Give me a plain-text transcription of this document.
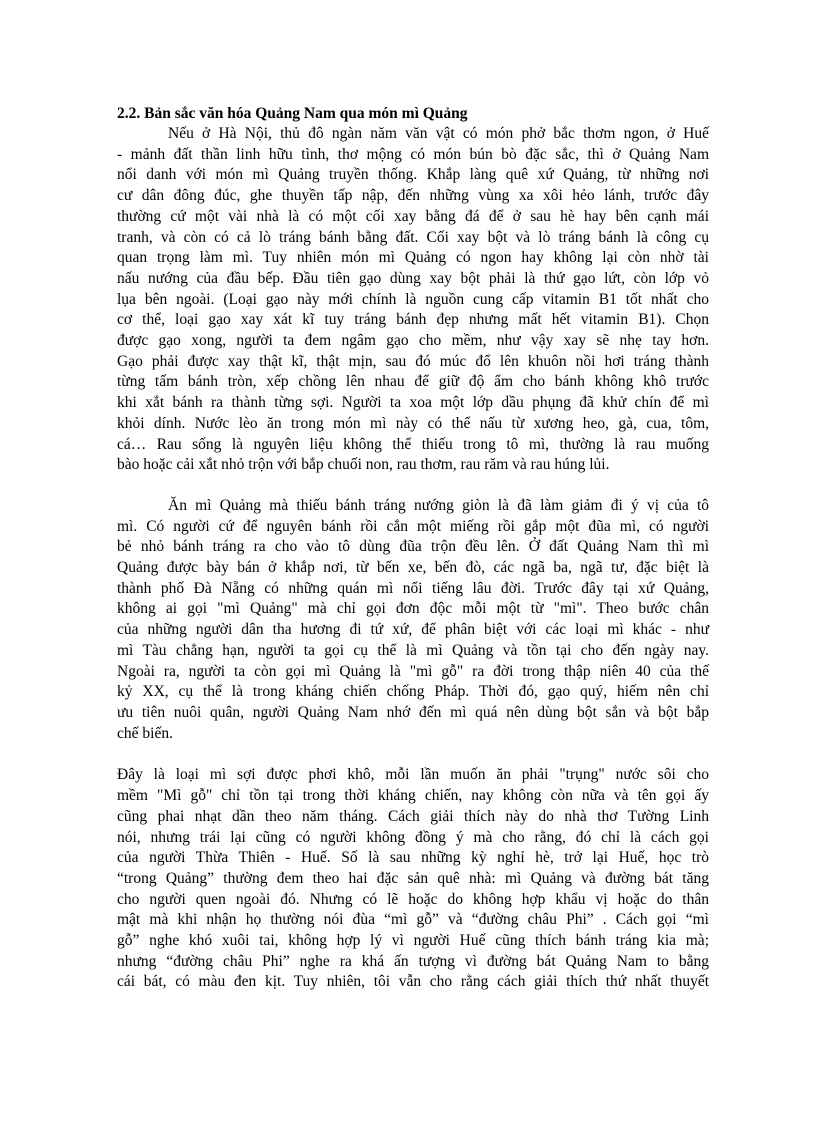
2.2. Bản sắc văn hóa Quảng Nam qua món mì Quảng
Nếu ở Hà Nội, thủ đô ngàn năm văn vật có món phở bắc thơm ngon, ở Huế
- mảnh đất thần linh hữu tình, thơ mộng có món bún bò đặc sắc, thì ở Quảng Nam
nổi danh với món mì Quảng truyền thống. Khắp làng quê xứ Quảng, từ những nơi
cư dân đông đúc, ghe thuyền tấp nập, đến những vùng xa xôi hẻo lánh, trước đây
thường cứ một vài nhà là có một cối xay bằng đá để ở sau hè hay bên cạnh mái
tranh, và còn có cả lò tráng bánh bằng đất. Cối xay bột và lò tráng bánh là công cụ
quan trọng làm mì. Tuy nhiên món mì Quảng có ngon hay không lại còn nhờ tài
nấu nướng của đầu bếp. Đầu tiên gạo dùng xay bột phải là thứ gạo lứt, còn lớp vỏ
lụa bên ngoài. (Loại gạo này mới chính là nguồn cung cấp vitamin B1 tốt nhất cho
cơ thể, loại gạo xay xát kĩ tuy tráng bánh đẹp nhưng mất hết vitamin B1). Chọn
được gạo xong, người ta đem ngâm gạo cho mềm, như vậy xay sẽ nhẹ tay hơn.
Gạo phải được xay thật kĩ, thật mịn, sau đó múc đổ lên khuôn nồi hơi tráng thành
từng tấm bánh tròn, xếp chồng lên nhau để giữ độ ẩm cho bánh không khô trước
khi xắt bánh ra thành từng sợi. Người ta xoa một lớp dầu phụng đã khử chín để mì
khỏi dính. Nước lèo ăn trong món mì này có thể nấu từ xương heo, gà, cua, tôm,
cá… Rau sống là nguyên liệu không thể thiếu trong tô mì, thường là rau muống
bào hoặc cải xắt nhỏ trộn với bắp chuối non, rau thơm, rau răm và rau húng lủi.
Ăn mì Quảng mà thiếu bánh tráng nướng giòn là đã làm giảm đi ý vị của tô
mì. Có người cứ để nguyên bánh rồi cắn một miếng rồi gắp một đũa mì, có người
bẻ nhỏ bánh tráng ra cho vào tô dùng đũa trộn đều lên. Ở đất Quảng Nam thì mì
Quảng được bày bán ở khắp nơi, từ bến xe, bến đò, các ngã ba, ngã tư, đặc biệt là
thành phố Đà Nẵng có những quán mì nổi tiếng lâu đời. Trước đây tại xứ Quảng,
không ai gọi "mì Quảng" mà chỉ gọi đơn độc mỗi một từ "mì". Theo bước chân
của những người dân tha hương đi tứ xứ, để phân biệt với các loại mì khác - như
mì Tàu chẳng hạn, người ta gọi cụ thể là mì Quảng và tồn tại cho đến ngày nay.
Ngoài ra, người ta còn gọi mì Quảng là "mì gỗ" ra đời trong thập niên 40 của thế
kỷ XX, cụ thể là trong kháng chiến chống Pháp. Thời đó, gạo quý, hiếm nên chỉ
ưu tiên nuôi quân, người Quảng Nam nhớ đến mì quá nên dùng bột sắn và bột bắp
chế biến.
Đây là loại mì sợi được phơi khô, mỗi lần muốn ăn phải "trụng" nước sôi cho
mềm "Mì gỗ" chỉ tồn tại trong thời kháng chiến, nay không còn nữa và tên gọi ấy
cũng phai nhạt dần theo năm tháng. Cách giải thích này do nhà thơ Tường Linh
nói, nhưng trái lại cũng có người không đồng ý mà cho rằng, đó chỉ là cách gọi
của người Thừa Thiên - Huế. Số là sau những kỳ nghỉ hè, trở lại Huế, học trò
“trong Quảng” thường đem theo hai đặc sản quê nhà: mì Quảng và đường bát tăng
cho người quen ngoài đó. Nhưng có lẽ hoặc do không hợp khẩu vị hoặc do thân
mật mà khi nhận họ thường nói đùa “mì gỗ” và “đường châu Phi” . Cách gọi “mì
gỗ” nghe khó xuôi tai, không hợp lý vì người Huế cũng thích bánh tráng kia mà;
nhưng “đường châu Phi” nghe ra khá ấn tượng vì đường bát Quảng Nam to bằng
cái bát, có màu đen kịt. Tuy nhiên, tôi vẫn cho rằng cách giải thích thứ nhất thuyết
